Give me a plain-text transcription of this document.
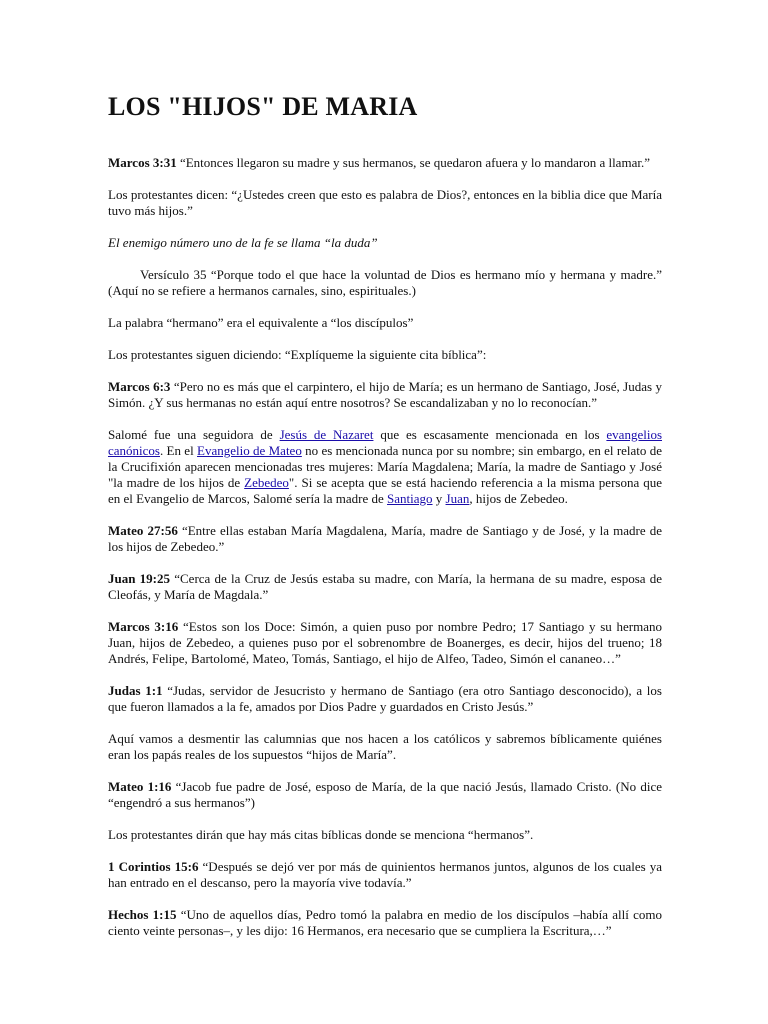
LOS "HIJOS" DE MARIA

Marcos 3:31 “Entonces llegaron su madre y sus hermanos, se quedaron afuera y lo mandaron a llamar.”

Los protestantes dicen: “¿Ustedes creen que esto es palabra de Dios?, entonces en la biblia dice que María tuvo más hijos.”

El enemigo número uno de la fe se llama “la duda”

Versículo 35 “Porque todo el que hace la voluntad de Dios es hermano mío y hermana y madre.” (Aquí no se refiere a hermanos carnales, sino, espirituales.)

La palabra “hermano” era el equivalente a “los discípulos”

Los protestantes siguen diciendo: “Explíqueme la siguiente cita bíblica”:

Marcos 6:3 “Pero no es más que el carpintero, el hijo de María; es un hermano de Santiago, José, Judas y Simón. ¿Y sus hermanas no están aquí entre nosotros? Se escandalizaban y no lo reconocían.”

Salomé fue una seguidora de Jesús de Nazaret que es escasamente mencionada en los evangelios canónicos. En el Evangelio de Mateo no es mencionada nunca por su nombre; sin embargo, en el relato de la Crucifixión aparecen mencionadas tres mujeres: María Magdalena; María, la madre de Santiago y José "la madre de los hijos de Zebedeo". Si se acepta que se está haciendo referencia a la misma persona que en el Evangelio de Marcos, Salomé sería la madre de Santiago y Juan, hijos de Zebedeo.

Mateo 27:56 “Entre ellas estaban María Magdalena, María, madre de Santiago y de José, y la madre de los hijos de Zebedeo.”

Juan 19:25 “Cerca de la Cruz de Jesús estaba su madre, con María, la hermana de su madre, esposa de Cleofás, y María de Magdala.”

Marcos 3:16 “Estos son los Doce: Simón, a quien puso por nombre Pedro; 17 Santiago y su hermano Juan, hijos de Zebedeo, a quienes puso por el sobrenombre de Boanerges, es decir, hijos del trueno; 18 Andrés, Felipe, Bartolomé, Mateo, Tomás, Santiago, el hijo de Alfeo, Tadeo, Simón el cananeo…”

Judas 1:1 “Judas, servidor de Jesucristo y hermano de Santiago (era otro Santiago desconocido), a los que fueron llamados a la fe, amados por Dios Padre y guardados en Cristo Jesús.”

Aquí vamos a desmentir las calumnias que nos hacen a los católicos y sabremos bíblicamente quiénes eran los papás reales de los supuestos “hijos de María”.

Mateo 1:16 “Jacob fue padre de José, esposo de María, de la que nació Jesús, llamado Cristo. (No dice “engendró a sus hermanos”)

Los protestantes dirán que hay más citas bíblicas donde se menciona “hermanos”.

1 Corintios 15:6 “Después se dejó ver por más de quinientos hermanos juntos, algunos de los cuales ya han entrado en el descanso, pero la mayoría vive todavía.”

Hechos 1:15 “Uno de aquellos días, Pedro tomó la palabra en medio de los discípulos –había allí como ciento veinte personas–, y les dijo: 16 Hermanos, era necesario que se cumpliera la Escritura,…”
